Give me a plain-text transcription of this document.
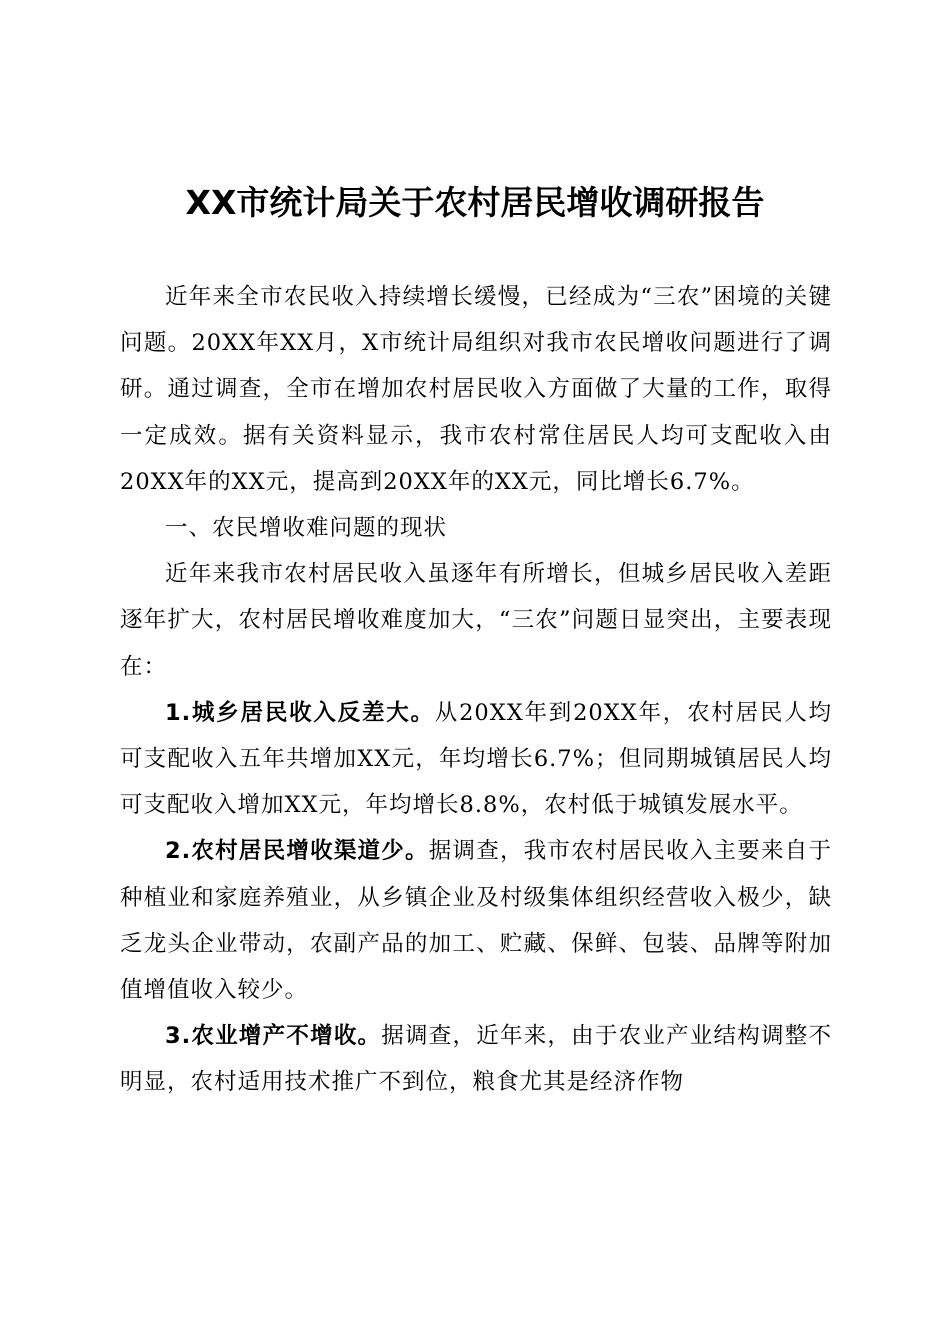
XX市统计局关于农村居民增收调研报告

近年来全市农民收入持续增长缓慢，已经成为“三农”困境的关键问题。20XX年XX月，X市统计局组织对我市农民增收问题进行了调研。通过调查，全市在增加农村居民收入方面做了大量的工作，取得一定成效。据有关资料显示，我市农村常住居民人均可支配收入由20XX年的XX元，提高到20XX年的XX元，同比增长6.7%。

一、农民增收难问题的现状

近年来我市农村居民收入虽逐年有所增长，但城乡居民收入差距逐年扩大，农村居民增收难度加大，“三农”问题日显突出，主要表现在：

1.城乡居民收入反差大。从20XX年到20XX年，农村居民人均可支配收入五年共增加XX元，年均增长6.7%；但同期城镇居民人均可支配收入增加XX元，年均增长8.8%，农村低于城镇发展水平。

2.农村居民增收渠道少。据调查，我市农村居民收入主要来自于种植业和家庭养殖业，从乡镇企业及村级集体组织经营收入极少，缺乏龙头企业带动，农副产品的加工、贮藏、保鲜、包装、品牌等附加值增值收入较少。

3.农业增产不增收。据调查，近年来，由于农业产业结构调整不明显，农村适用技术推广不到位，粮食尤其是经济作物
